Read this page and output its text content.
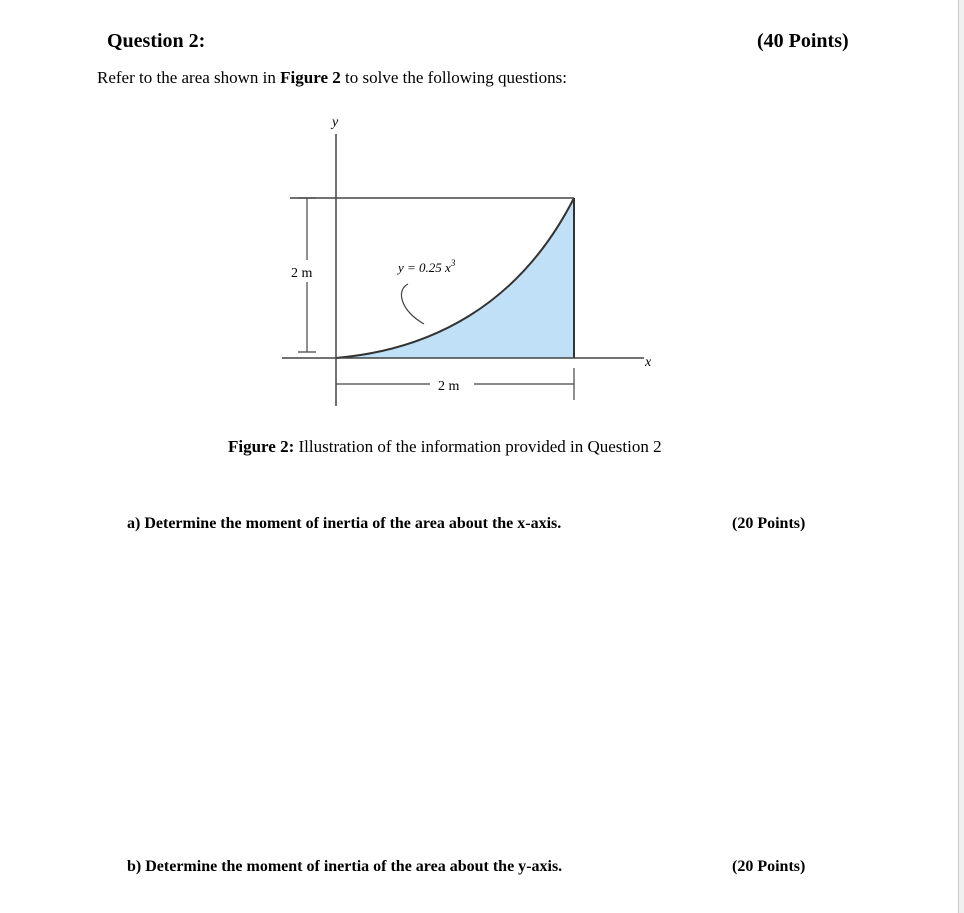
Question 2:	(40 Points)
Refer to the area shown in Figure 2 to solve the following questions:
y
x
2 m
2 m
y = 0.25 $x^3$
Figure 2: Illustration of the information provided in Question 2
a) Determine the moment of inertia of the area about the x-axis.	(20 Points)
b) Determine the moment of inertia of the area about the y-axis.	(20 Points)
